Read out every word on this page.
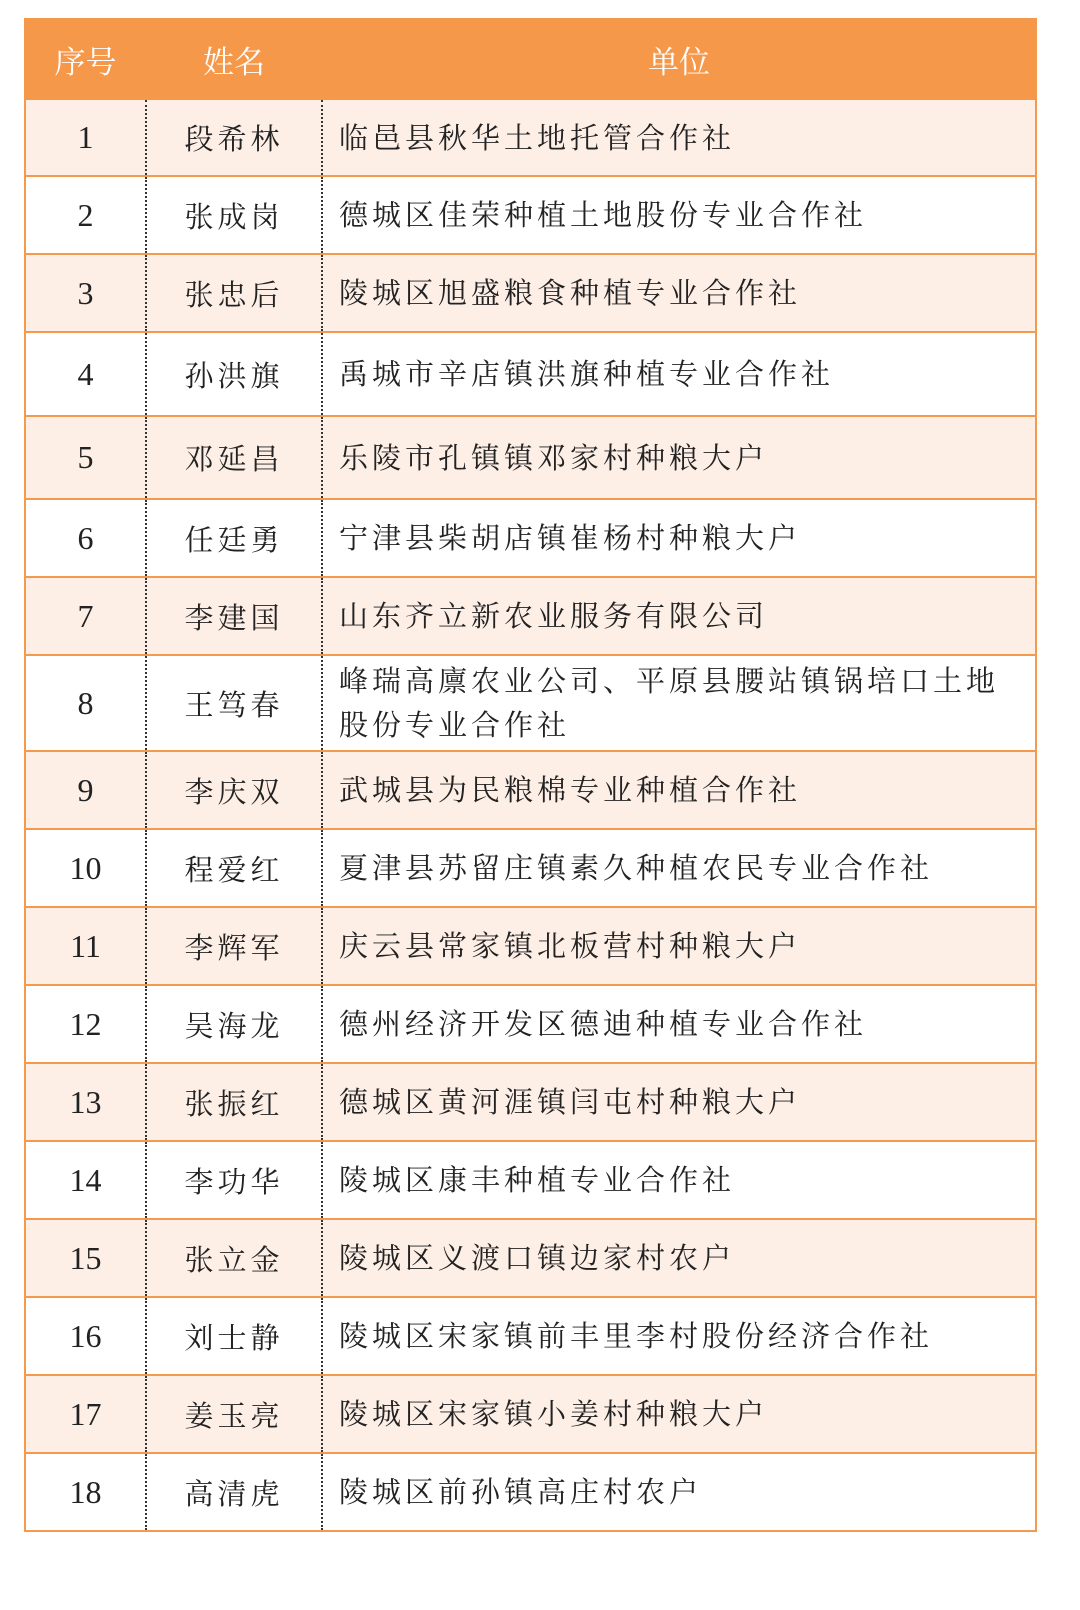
序号	姓名	单位
1	段希林	临邑县秋华土地托管合作社
2	张成岗	德城区佳荣种植土地股份专业合作社
3	张忠后	陵城区旭盛粮食种植专业合作社
4	孙洪旗	禹城市辛店镇洪旗种植专业合作社
5	邓延昌	乐陵市孔镇镇邓家村种粮大户
6	任廷勇	宁津县柴胡店镇崔杨村种粮大户
7	李建国	山东齐立新农业服务有限公司
8	王笃春	峰瑞高廪农业公司、平原县腰站镇锅培口土地 股份专业合作社
9	李庆双	武城县为民粮棉专业种植合作社
10	程爱红	夏津县苏留庄镇素久种植农民专业合作社
11	李辉军	庆云县常家镇北板营村种粮大户
12	吴海龙	德州经济开发区德迪种植专业合作社
13	张振红	德城区黄河涯镇闫屯村种粮大户
14	李功华	陵城区康丰种植专业合作社
15	张立金	陵城区义渡口镇边家村农户
16	刘士静	陵城区宋家镇前丰里李村股份经济合作社
17	姜玉亮	陵城区宋家镇小姜村种粮大户
18	高清虎	陵城区前孙镇高庄村农户
